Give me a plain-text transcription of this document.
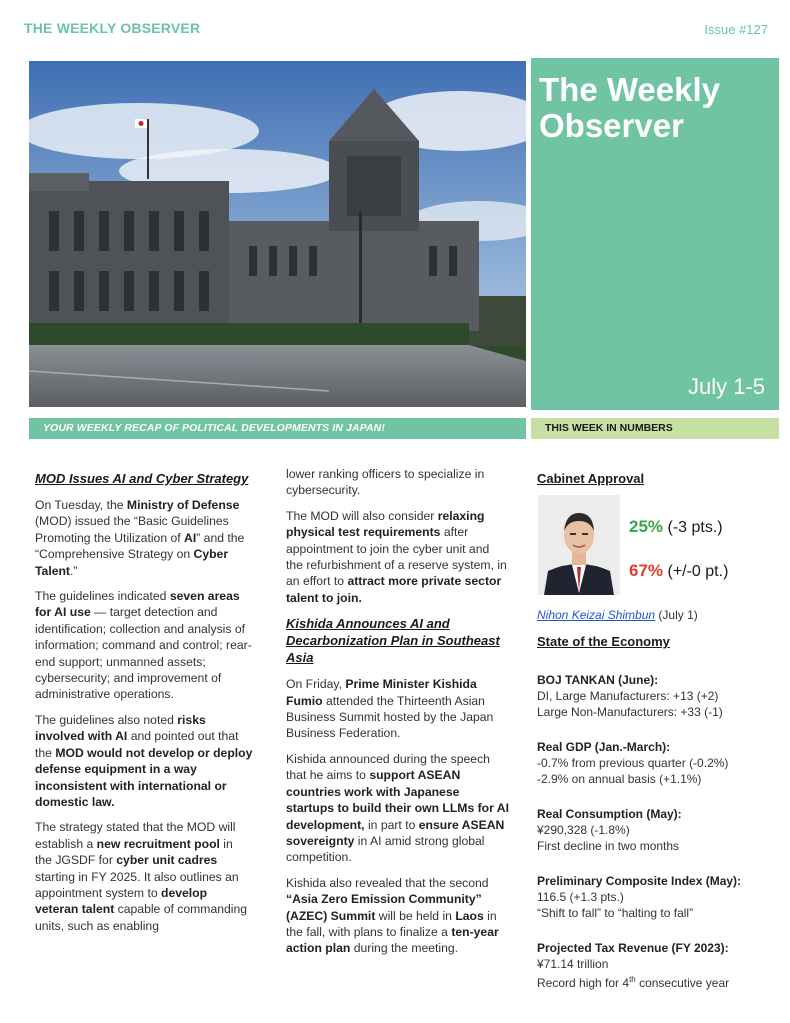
THE WEEKLY OBSERVER	Issue #127
The Weekly Observer
July 1-5
YOUR WEEKLY RECAP OF POLITICAL DEVELOPMENTS IN JAPAN!	THIS WEEK IN NUMBERS
MOD Issues AI and Cyber Strategy

On Tuesday, the Ministry of Defense (MOD) issued the “Basic Guidelines Promoting the Utilization of AI” and the “Comprehensive Strategy on Cyber Talent.”

The guidelines indicated seven areas for AI use — target detection and identification; collection and analysis of information; command and control; rear-end support; unmanned assets; cybersecurity; and improvement of administrative operations.

The guidelines also noted risks involved with AI and pointed out that the MOD would not develop or deploy defense equipment in a way inconsistent with international or domestic law.

The strategy stated that the MOD will establish a new recruitment pool in the JGSDF for cyber unit cadres starting in FY 2025. It also outlines an appointment system to develop veteran talent capable of commanding units, such as enabling

lower ranking officers to specialize in cybersecurity.

The MOD will also consider relaxing physical test requirements after appointment to join the cyber unit and the refurbishment of a reserve system, in an effort to attract more private sector talent to join.

Kishida Announces AI and Decarbonization Plan in Southeast Asia

On Friday, Prime Minister Kishida Fumio attended the Thirteenth Asian Business Summit hosted by the Japan Business Federation.

Kishida announced during the speech that he aims to support ASEAN countries work with Japanese startups to build their own LLMs for AI development, in part to ensure ASEAN sovereignty in AI amid strong global competition.

Kishida also revealed that the second “Asia Zero Emission Community” (AZEC) Summit will be held in Laos in the fall, with plans to finalize a ten-year action plan during the meeting.

Cabinet Approval
25% (-3 pts.)
67% (+/-0 pt.)
Nihon Keizai Shimbun (July 1)
State of the Economy
BOJ TANKAN (June):
DI, Large Manufacturers: +13 (+2)
Large Non-Manufacturers: +33 (-1)
Real GDP (Jan.-March):
-0.7% from previous quarter (-0.2%)
-2.9% on annual basis (+1.1%)
Real Consumption (May):
¥290,328 (-1.8%)
First decline in two months
Preliminary Composite Index (May):
116.5 (+1.3 pts.)
“Shift to fall” to “halting to fall”
Projected Tax Revenue (FY 2023):
¥71.14 trillion
Record high for 4th consecutive year
